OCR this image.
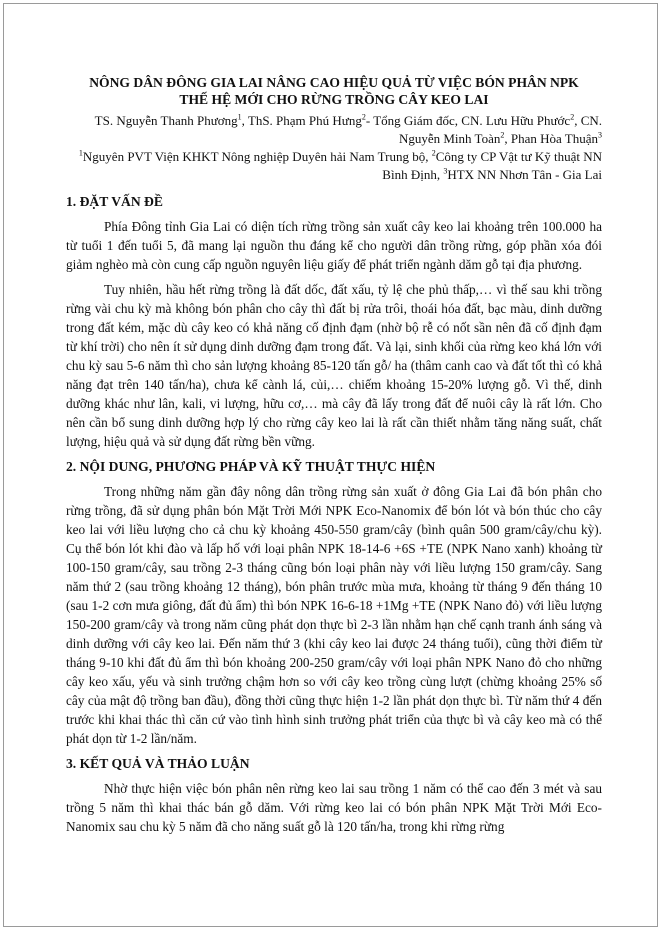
NÔNG DÂN ĐÔNG GIA LAI NÂNG CAO HIỆU QUẢ TỪ VIỆC BÓN PHÂN NPK
THẾ HỆ MỚI CHO RỪNG TRỒNG CÂY KEO LAI

TS. Nguyễn Thanh Phương$^1$, ThS. Phạm Phú Hưng$^2$- Tổng Giám đốc, CN. Lưu Hữu Phước$^2$, CN. Nguyễn Minh Toàn$^2$, Phan Hòa Thuận$^3$

$^1$Nguyên PVT Viện KHKT Nông nghiệp Duyên hải Nam Trung bộ, $^2$Công ty CP Vật tư Kỹ thuật NN Bình Định, $^3$HTX NN Nhơn Tân - Gia Lai

1. ĐẶT VẤN ĐỀ

Phía Đông tỉnh Gia Lai có diện tích rừng trồng sản xuất cây keo lai khoảng trên 100.000 ha từ tuổi 1 đến tuổi 5, đã mang lại nguồn thu đáng kể cho người dân trồng rừng, góp phần xóa đói giảm nghèo mà còn cung cấp nguồn nguyên liệu giấy để phát triển ngành dăm gỗ tại địa phương.

Tuy nhiên, hầu hết rừng trồng là đất dốc, đất xấu, tỷ lệ che phủ thấp,… vì thế sau khi trồng rừng vài chu kỳ mà không bón phân cho cây thì đất bị rửa trôi, thoái hóa đất, bạc màu, dinh dưỡng trong đất kém, mặc dù cây keo có khả năng cố định đạm (nhờ bộ rễ có nốt sần nên đã cố định đạm từ khí trời) cho nên ít sử dụng dinh dưỡng đạm trong đất. Và lại, sinh khối của rừng keo khá lớn với chu kỳ sau 5-6 năm thì cho sản lượng khoảng 85-120 tấn gỗ/ ha (thâm canh cao và đất tốt thì có khả năng đạt trên 140 tấn/ha), chưa kể cành lá, củi,… chiếm khoảng 15-20% lượng gỗ. Vì thế, dinh dưỡng khác như lân, kali, vi lượng, hữu cơ,… mà cây đã lấy trong đất để nuôi cây là rất lớn. Cho nên cần bổ sung dinh dưỡng hợp lý cho rừng cây keo lai là rất cần thiết nhằm tăng năng suất, chất lượng, hiệu quả và sử dụng đất rừng bền vững.

2. NỘI DUNG, PHƯƠNG PHÁP VÀ KỸ THUẬT THỰC HIỆN

Trong những năm gần đây nông dân trồng rừng sản xuất ở đông Gia Lai đã bón phân cho rừng trồng, đã sử dụng phân bón Mặt Trời Mới NPK Eco-Nanomix để bón lót và bón thúc cho cây keo lai với liều lượng cho cả chu kỳ khoảng 450-550 gram/cây (bình quân 500 gram/cây/chu kỳ). Cụ thể bón lót khi đào và lấp hố với loại phân NPK 18-14-6 +6S +TE (NPK Nano xanh) khoảng từ 100-150 gram/cây, sau trồng 2-3 tháng cũng bón loại phân này với liều lượng 150 gram/cây. Sang năm thứ 2 (sau trồng khoảng 12 tháng), bón phân trước mùa mưa, khoảng từ tháng 9 đến tháng 10 (sau 1-2 cơn mưa giông, đất đủ ẩm) thì bón NPK 16-6-18 +1Mg +TE (NPK Nano đỏ) với liều lượng 150-200 gram/cây và trong năm cũng phát dọn thực bì 2-3 lần nhằm hạn chế cạnh tranh ánh sáng và dinh dưỡng với cây keo lai. Đến năm thứ 3 (khi cây keo lai được 24 tháng tuổi), cũng thời điểm từ tháng 9-10 khi đất đủ ẩm thì bón khoảng 200-250 gram/cây với loại phân NPK Nano đỏ cho những cây keo xấu, yếu và sinh trưởng chậm hơn so với cây keo trồng cùng lượt (chừng khoảng 25% số cây của mật độ trồng ban đầu), đồng thời cũng thực hiện 1-2 lần phát dọn thực bì. Từ năm thứ 4 đến trước khi khai thác thì căn cứ vào tình hình sinh trưởng phát triển của thực bì và cây keo mà có thể phát dọn từ 1-2 lần/năm.

3. KẾT QUẢ VÀ THẢO LUẬN

Nhờ thực hiện việc bón phân nên rừng keo lai sau trồng 1 năm có thể cao đến 3 mét và sau trồng 5 năm thì khai thác bán gỗ dăm. Với rừng keo lai có bón phân NPK Mặt Trời Mới Eco-Nanomix sau chu kỳ 5 năm đã cho năng suất gỗ là 120 tấn/ha, trong khi rừng rừng
